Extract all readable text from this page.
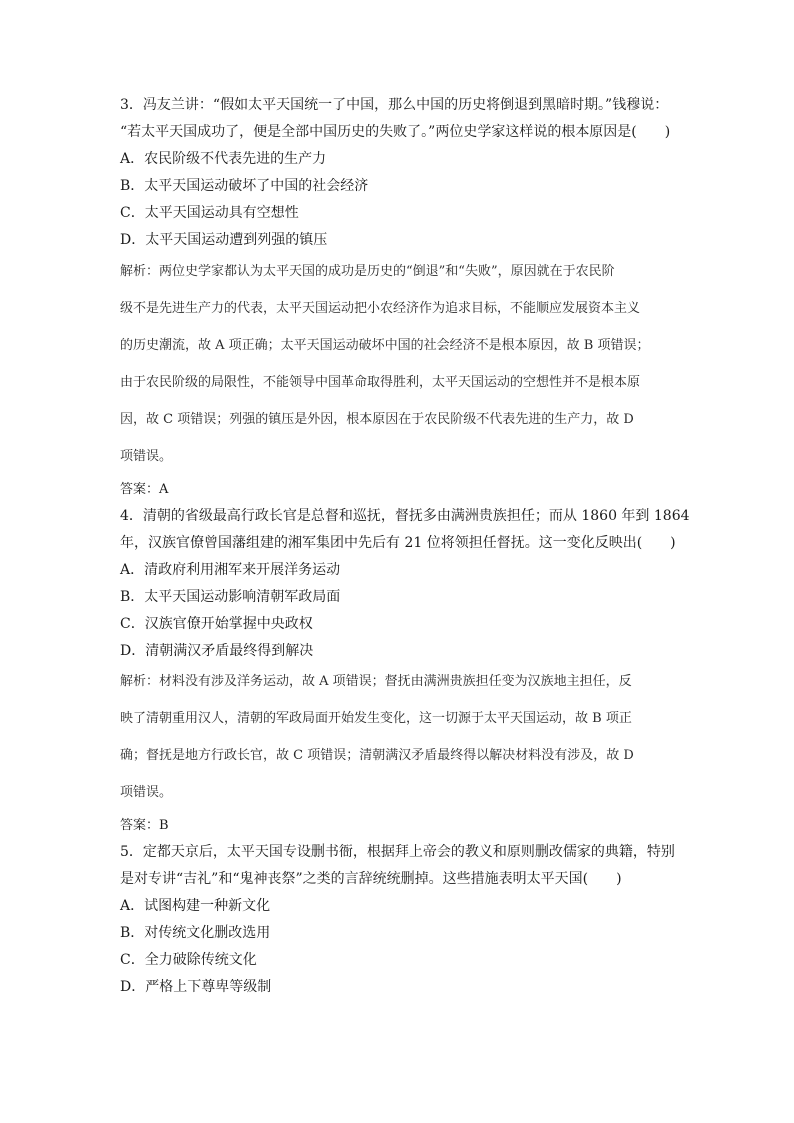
3．冯友兰讲：“假如太平天国统一了中国，那么中国的历史将倒退到黑暗时期。”钱穆说：
“若太平天国成功了，便是全部中国历史的失败了。”两位史学家这样说的根本原因是(　　)
A．农民阶级不代表先进的生产力
B．太平天国运动破坏了中国的社会经济
C．太平天国运动具有空想性
D．太平天国运动遭到列强的镇压
解析：两位史学家都认为太平天国的成功是历史的“倒退”和“失败”，原因就在于农民阶
级不是先进生产力的代表，太平天国运动把小农经济作为追求目标，不能顺应发展资本主义
的历史潮流，故 A 项正确；太平天国运动破坏中国的社会经济不是根本原因，故 B 项错误；
由于农民阶级的局限性，不能领导中国革命取得胜利，太平天国运动的空想性并不是根本原
因，故 C 项错误；列强的镇压是外因，根本原因在于农民阶级不代表先进的生产力，故 D
项错误。
答案：A
4．清朝的省级最高行政长官是总督和巡抚，督抚多由满洲贵族担任；而从 1860 年到 1864
年，汉族官僚曾国藩组建的湘军集团中先后有 21 位将领担任督抚。这一变化反映出(　　)
A．清政府利用湘军来开展洋务运动
B．太平天国运动影响清朝军政局面
C．汉族官僚开始掌握中央政权
D．清朝满汉矛盾最终得到解决
解析：材料没有涉及洋务运动，故 A 项错误；督抚由满洲贵族担任变为汉族地主担任，反
映了清朝重用汉人，清朝的军政局面开始发生变化，这一切源于太平天国运动，故 B 项正
确；督抚是地方行政长官，故 C 项错误；清朝满汉矛盾最终得以解决材料没有涉及，故 D
项错误。
答案：B
5．定都天京后，太平天国专设删书衙，根据拜上帝会的教义和原则删改儒家的典籍，特别
是对专讲“吉礼”和“鬼神丧祭”之类的言辞统统删掉。这些措施表明太平天国(　　)
A．试图构建一种新文化
B．对传统文化删改选用
C．全力破除传统文化
D．严格上下尊卑等级制
